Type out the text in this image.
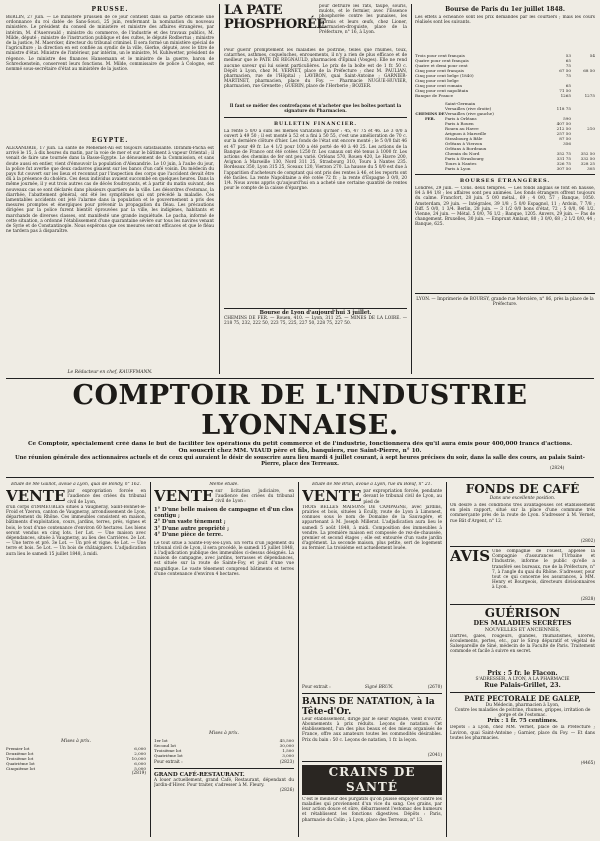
PRUSSE.
BERLIN, 27 juin. — Le ministère prussien de ce jour contient dans sa partie officielle une ordonnance du roi datée de Sans-Souci, 25 juin, renfermant la nomination du nouveau ministère. Le président du conseil de ministère et ministre des affaires étrangères, par intérim, M. d'Auerswald ; ministre du commerce, de l'industrie et des travaux publics, M. Milde, député ; ministre de l'instruction publique et des cultes, le député Rodbertus ; ministre de la justice, M. Maercker, directeur du tribunal criminel. Il sera formé un ministère spécial de l'agriculture ; la direction en est confiée au syndic de la ville, Gierke, député, avec le titre de ministre d'état. Ministre de l'intérieur, par intérim, un le ministre, M. Kuhlwetter, président de régence. Le ministre des finances Hansemann et le ministre de la guerre, baron de Schreckenstein, conservent leurs fonctions. M. Milde, commissaire de police à Cologne, est nommé sous-secrétaire d'état au ministère de la justice.
EGYPTE.
ALEXANDRIE, 17 juin. La santé de Méhémet-Ali est toujours satisfaisante. Ibrahim-Pacha est arrivé le 15, à dix heures du matin, par la voie de mer et sur le bâtiment à vapeur Oriental ; il venait de faire une tournée dans la Basse-Egypte. Le dénouement de la Commission, et sans doute aussi en entier, vient d'émouvoir la population d'Alexandrie. Le 10 juin, à l'aube du jour, la police fut avertie que deux cadavres gisaient sur les bancs d'un café voisin. Du médecin du pays fut couvert sur les lieux et reconnut par l'inspection des corps que l'accident devait être dû à la présence du choléra. Ces deux individus avaient succombé en quelques heures. Dans la même journée, il y eut trois autres cas de décès foudroyants, et à partir du matin suivant, des nouveaux cas se sont déclarés dans plusieurs quartiers de la ville. Les désordres d'estomac, la diarrhée, l'abattement général, ont été les symptômes qui ont précédé la maladie. Ces lamentables accidents ont jeté l'alarme dans la population et le gouvernement a pris des mesures promptes et énergiques pour prévenir la propagation du fléau. Les précautions dirigées par la police furent bientôt éprouvées par la ville, les indigènes, habitants et marchands de diverses classes, ont manifesté une grande inquiétude. Le pacha, informé de cette situation, a ordonné l'établissement d'une quarantaine sévère sur tous les navires venant de Syrie et de Constantinople. Nous espérons que ces mesures seront efficaces et que le fléau ne tardera pas à disparaître.
Le Rédacteur en chef, KAUFFMANN.
LA PATE PHOSPHORÉE
pour détruire les rats, taupe, souris, mulots, et le fermier, avec l'Essence phosphorée contre les punaises, les fourmis et leurs œufs, chez Lioner, pharmacien-droguiste, place de la Préfecture, n° 16, à Lyon.
Pour guérir promptement les maladies de poitrine, telles que rhumes, toux, catarrhes, asthmes, coqueluches, enrouements, il n'y a rien de plus efficace et de meilleur que le PATE DE REGNAULD, pharmacien d'Épinal (Vosges). Elle ne rend aucune saveur qui lui soient particulières. Le prix de la boîte est de 1 fr. 50 c. Dépôt à Lyon, chez M. VERNET, place de la Préfecture ; chez M. PAULIAN, pharmacien, rue de l'Hôpital ; LAVIRON, quai Saint-Antoine ; GARNIER-MARTINET, pharmacien, place du Foy. — Pharmacie NUGUE-HUVIER, pharmacien, rue Grenette ; GUÉRIN, place de l'Herberie ; BOZIER.
Il faut se méfier des contrefaçons et n'acheter que les boîtes portant la signature du Pharmacien.
BULLETIN FINANCIER.
La rente 5 0/0 a subi les mêmes variations qu'hier : 45, 47 75 et 46. Le 3 0/0 a ouvert à 49 50 ; il est monté à 52 et a fini à 50 55, c'est une amélioration de 70 c. sur la dernière clôture d'hier. Les fonds de l'état ont encore monté ; le 5 0/0 fait 46 et 47 pour 49 fr. Le 4 1/2 pour 100 a été porté de 40 à 40 25. Les actions de la Banque de France ont été cotées 1250 fr. Les canaux ont été tenus à 1000 fr. Les actions des chemins de fer ont peu varié. Orléans 570, Rouen 420, Le Havre 200, Avignon à Marseille 130, Nord 311 25, Strasbourg 310, Tours à Nantes 235. Bordeaux 350, Lyon 315 25, Sceaux 120, Vierzon 270. La hausse du 5 0/0 est due à l'apparition d'acheteurs de comptant qui ont pris des rentes à 46, et les reports ont été faciles. La rente Napolitaine a été cotée 72 fr. ; la rente d'Espagne 3 0/0, 20 1/4. Nous avons appris qu'aujourd'hui on a acheté une certaine quantité de rentes pour le compte de la caisse d'épargne.
Bourse de Lyon d'aujourd'hui 3 juillet.
CHEMINS DE FER. — Rouen, 410. — Lyon, 311 25. — MINES DE LA LOIRE. — 218 75, 232, 222 50, 223 75, 225, 227 50, 228 75, 227 50.
Bourse de Paris du 1er juillet 1848.
Les effets à échéance sont les prix demandés par les courtiers ; mais les cours réalisés sont les suivants.
Trois pour cent français	53	54
Quatre pour cent français	65
Quatre et demi pour cent	75
Cinq pour cent français	67 50	68 50
Cinq pour cent belge (1840)	75
Cinq pour cent belge
Cinq pour cent romain	65
Cinq pour cent napolitain	71 50
Banque de France	1265	1275
CHEMINS DE FER.
Saint-Germain
Versailles (rive droite)	118 75
Versailles (rive gauche)
Paris à Orléans	590
Paris à Rouen	407 50
Rouen au Havre	212 50	210
Avignon à Marseille	257 50
Strasbourg à Bâle	87 50
Orléans à Vierzon	356
Orléans à Bordeaux
Chemin du Nord	352 75	352 50
Paris à Strasbourg	331 75	332 50
Tours à Nantes	326 75	328 25
Paris à Lyon	307 50	305
BOURSES ÉTRANGÈRES.
Londres, 29 juin. — Cons. deux tempres. — Les fonds anglais se font en hausse, 84 à 84 1/8 ; les affaires sont peu animées. Les fonds étrangers offrent toujours du calme. Francfort, 28 juin. 5 0/0 métal., 69 ; 4 0/0, 57 ; Banque, 1050. Amsterdam, 29 juin. — Intégrales, 39 1/8 ; 5 0/0 Espagnol, 11 ; Ardoin, 7 7/8 ; Diff. 5 0/0, 1 3/4. Berlin, 28 juin. — 3 1/2 0/0 bons d'état, 72 ; 5 0/0, 96 1/2. Vienne, 24 juin. — Métal. 5 0/0, 76 1/2 ; Banque, 1205. Anvers, 29 juin. — Pas de changement. Bruxelles, 30 juin. — Emprunt Amlaut, 80 ; 3 0/0, 68 ; 2 1/2 0/0, 44 ; Banque, 625.
LYON. — Imprimerie de BOURSY, grande rue Mercière, n° 86, près la place de la Préfecture.
COMPTOIR DE L'INDUSTRIE LYONNAISE.
Ce Comptoir, spécialement créé dans le but de faciliter les opérations du petit commerce et de l'industrie, fonctionnera dès qu'il aura émis pour 400,000 francs d'actions.
On souscrit chez MM. VIAUD père et fils, banquiers, rue Saint-Pierre, n° 10.
Une réunion générale des actionnaires actuels et de ceux qui auraient le désir de souscrire aura lieu mardi 4 juillet courant, à sept heures précises du soir, dans la salle des cours, au palais Saint-Pierre, place des Terreaux.
(2824)
Etude de Me Gaillot, avoué à Lyon, quai de Bondy, n° 162.
VENTE par expropriation forcée en l'audience des criées du tribunal civil de Lyon,
d'un corps d'IMMEUBLES situés à Vaugneray, Saint-Bonnet-le-Froid et Yzeron, canton de Vaugneray, arrondissement de Lyon, département du Rhône. Ces immeubles consistent en maison, bâtiments d'exploitation, cours, jardins, terres, prés, vignes et bois, le tout d'une contenance d'environ 60 hectares. Les biens seront vendus en cinq lots. 1er Lot. — Une maison avec dépendances, située à Vaugneray, au lieu des Carrières. 2e Lot. — Une terre et pré. 3e Lot. — Un pré et vigne. 4e Lot. — Une terre et bois. 5e Lot. — Un bois de châtaigniers. L'adjudication aura lieu le samedi 15 juillet 1848, à midi.
Mises à prix.
Premier lot	6,000
Deuxième lot	2,000
Troisième lot	10,000
Quatrième lot	6,000
Cinquième lot	5,000
(2819)
Même étude.
VENTE sur licitation judiciaire, en l'audience des criées du tribunal civil de Lyon :
1° D'une belle maison de campagne et d'un clos contigu ;
2° D'un vaste tènement ;
3° D'une autre propriété ;
4° D'une pièce de terre.
Le tout situé à Sainte-Foy-lès-Lyon. En vertu d'un jugement du tribunal civil de Lyon, il sera procédé, le samedi 15 juillet 1848, à l'adjudication publique des immeubles ci-dessus désignés. La maison de campagne, avec jardins, terrasses et dépendances, est située sur la route de Sainte-Foy, et jouit d'une vue magnifique. Le vaste tènement comprend bâtiments et terres d'une contenance d'environ 4 hectares.
Mises à prix.
1er lot	45,500
Second lot	30,000
Troisième lot	1,500
Quatrième lot	3,000
Pour extrait :	(2823)
GRAND CAFÉ-RESTAURANT.
A louer actuellement, grand Café, Restaurant, dépendant du Jardin-d'Hiver. Pour traiter, s'adresser à M. Fleury.
(2826)
Etude de Me Brun, avoué à Lyon, rue du Bœuf, n° 21.
VENTE par expropriation forcée, pendante devant le tribunal civil de Lyon, au pied de
TROIS BELLES MAISONS DE CAMPAGNE, avec jardins, prairies et bois, situées à Écully, route de Lyon à Limonest, connues sous le nom de Domaine de la Sauvagère, et appartenant à M. Joseph Millerat. L'adjudication aura lieu le samedi 5 août 1848, à midi. Composition des immeubles à vendre. La première maison est composée de rez-de-chaussée, premier et second étages ; elle est entourée d'un vaste jardin d'agrément. La seconde maison, plus petite, sert de logement au fermier. La troisième est actuellement louée.
Pour extrait :	Signé BRUN.	(2670)
BAINS DE NATATION, à la Tête-d'Or.
Leur établissement, dirigé par le sieur Anglade, vient d'ouvrir. Abonnements à prix réduits. Leçons de natation. Cet établissement, l'un des plus beaux et des mieux organisés de France, offre aux amateurs toutes les commodités désirables. Prix du bain : 50 c. Leçons de natation, 1 fr. la leçon.
(2041)
CRAINS DE SANTÉ
C'est le meilleur des purgatifs qu'on puisse employer contre les maladies qui proviennent d'un vice du sang. Ces grains, par leur action douce et sûre, débarrassent l'estomac des humeurs et rétablissent les fonctions digestives. Dépôts : Paris, pharmacie du Colin ; à Lyon, place des Terreaux, n° 13.
FONDS DE CAFÉ
Dans une excellente position.
On désire à des conditions très avantageuses cet établissement en plein rapport, situé sur la place d'une commune très commerçante près de la route de Lyon. S'adresser à M. Vernet, rue Bât d'Argent, n° 12.
(2802)
AVIS Une compagnie de l'ouest, appelée la Compagnie d'assurances l'Urbaine et l'Industrie, informe le public qu'elle a transféré ses bureaux, rue de la Préfecture, n° 7, à l'angle du quai du Rhône. S'adresser, pour tout ce qui concerne les assurances, à MM. Henry et Bourgeois, directeurs divisionnaires à Lyon.
(2828)
GUÉRISON
DES MALADIES SECRÈTES
NOUVELLES ET ANCIENNES,
Dartres, gales, rougeurs, glandes, rhumatismes, ulcères, écoulements, pertes, etc., par le Sirop dépuratif et végétal de Salsepareille de Siné, médecin de la Faculté de Paris. Traitement commode et facile à suivre en secret.
Prix : 5 fr. le Flacon.
S'ADRESSER, A LYON, A LA PHARMACIE
Rue Palais-Grillet, 23.
PATE PECTORALE DE GALEP,
Du Médecin, pharmacien à Lyon,
Contre les maladies de poitrine, rhumes, grippes, irritation de gorge et de l'estomac.
Prix : 1 fr. 75 centimes.
Dépôts : à Lyon, chez MM. Vernet, place de la Préfecture ; Laviron, quai Saint-Antoine ; Garnier, place du Foy. — Et dans toutes les pharmacies.
(4465)
